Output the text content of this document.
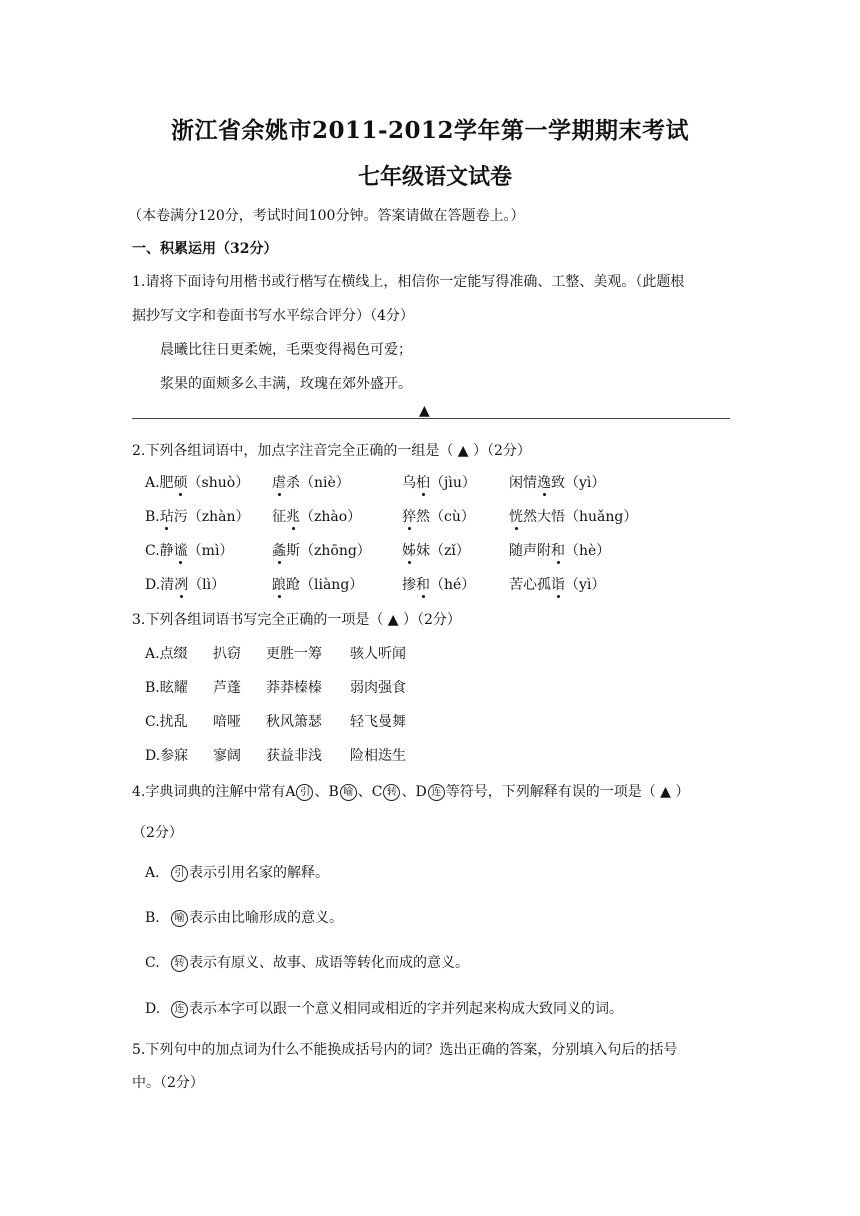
浙江省余姚市2011-2012学年第一学期期末考试
七年级语文试卷
（本卷满分120分，考试时间100分钟。答案请做在答题卷上。）
一、积累运用（32分）
1.请将下面诗句用楷书或行楷写在横线上，相信你一定能写得准确、工整、美观。（此题根
据抄写文字和卷面书写水平综合评分）（4分）
晨曦比往日更柔婉，毛栗变得褐色可爱；
浆果的面颊多么丰满，玫瑰在郊外盛开。
▲
2.下列各组词语中，加点字注音完全正确的一组是（ ▲ ）（2分）
A.肥硕（shuò） 虐杀（niè）	乌桕（jìu） 闲情逸致（yì）
B.玷污（zhàn） 征兆（zhào）	猝然（cù） 恍然大悟（huǎng）
C.静谧（mì）	螽斯（zhōng） 姊妹（zǐ）	随声附和（hè）
D.清冽（lì）	踉跄（liàng）	掺和（hé） 苦心孤诣（yì）
3.下列各组词语书写完全正确的一项是（ ▲ ）（2分）
A.点缀 扒窃 更胜一筹 骇人听闻
B.眩耀 芦蓬 莽莽榛榛 弱肉强食
C.扰乱 喑哑 秋风箫瑟 轻飞曼舞
D.参寐 寥阔 获益非浅 险相迭生
4.字典词典的注解中常有A 引 、B 喻 、C 转 、D 连 等符号，下列解释有误的一项是（ ▲ ）
（2分）
A. 引 表示引用名家的解释。
B. 喻 表示由比喻形成的意义。
C. 转 表示有原义、故事、成语等转化而成的意义。
D. 连 表示本字可以跟一个意义相同或相近的字并列起来构成大致同义的词。
5.下列句中的加点词为什么不能换成括号内的词？选出正确的答案，分别填入句后的括号
中。（2分）
